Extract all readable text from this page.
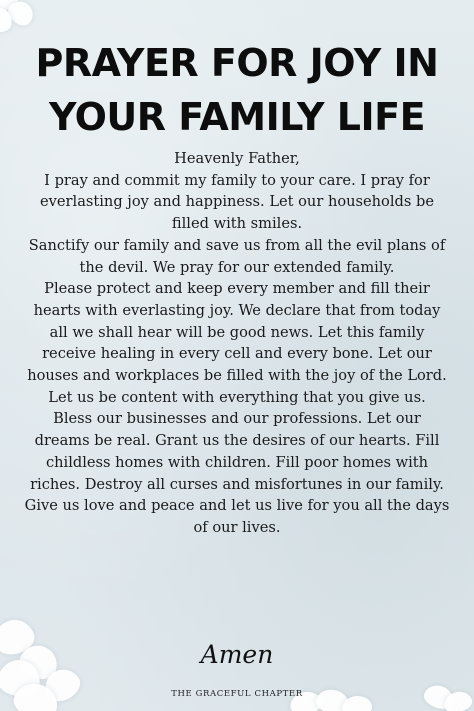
PRAYER FOR JOY IN
YOUR FAMILY LIFE

Heavenly Father,

I pray and commit my family to your care. I pray for everlasting joy and happiness. Let our households be filled with smiles.

Sanctify our family and save us from all the evil plans of the devil. We pray for our extended family.

Please protect and keep every member and fill their hearts with everlasting joy. We declare that from today all we shall hear will be good news. Let this family receive healing in every cell and every bone. Let our houses and workplaces be filled with the joy of the Lord. Let us be content with everything that you give us.

Bless our businesses and our professions. Let our dreams be real. Grant us the desires of our hearts. Fill childless homes with children. Fill poor homes with riches. Destroy all curses and misfortunes in our family. Give us love and peace and let us live for you all the days of our lives.

Amen
THE GRACEFUL CHAPTER
